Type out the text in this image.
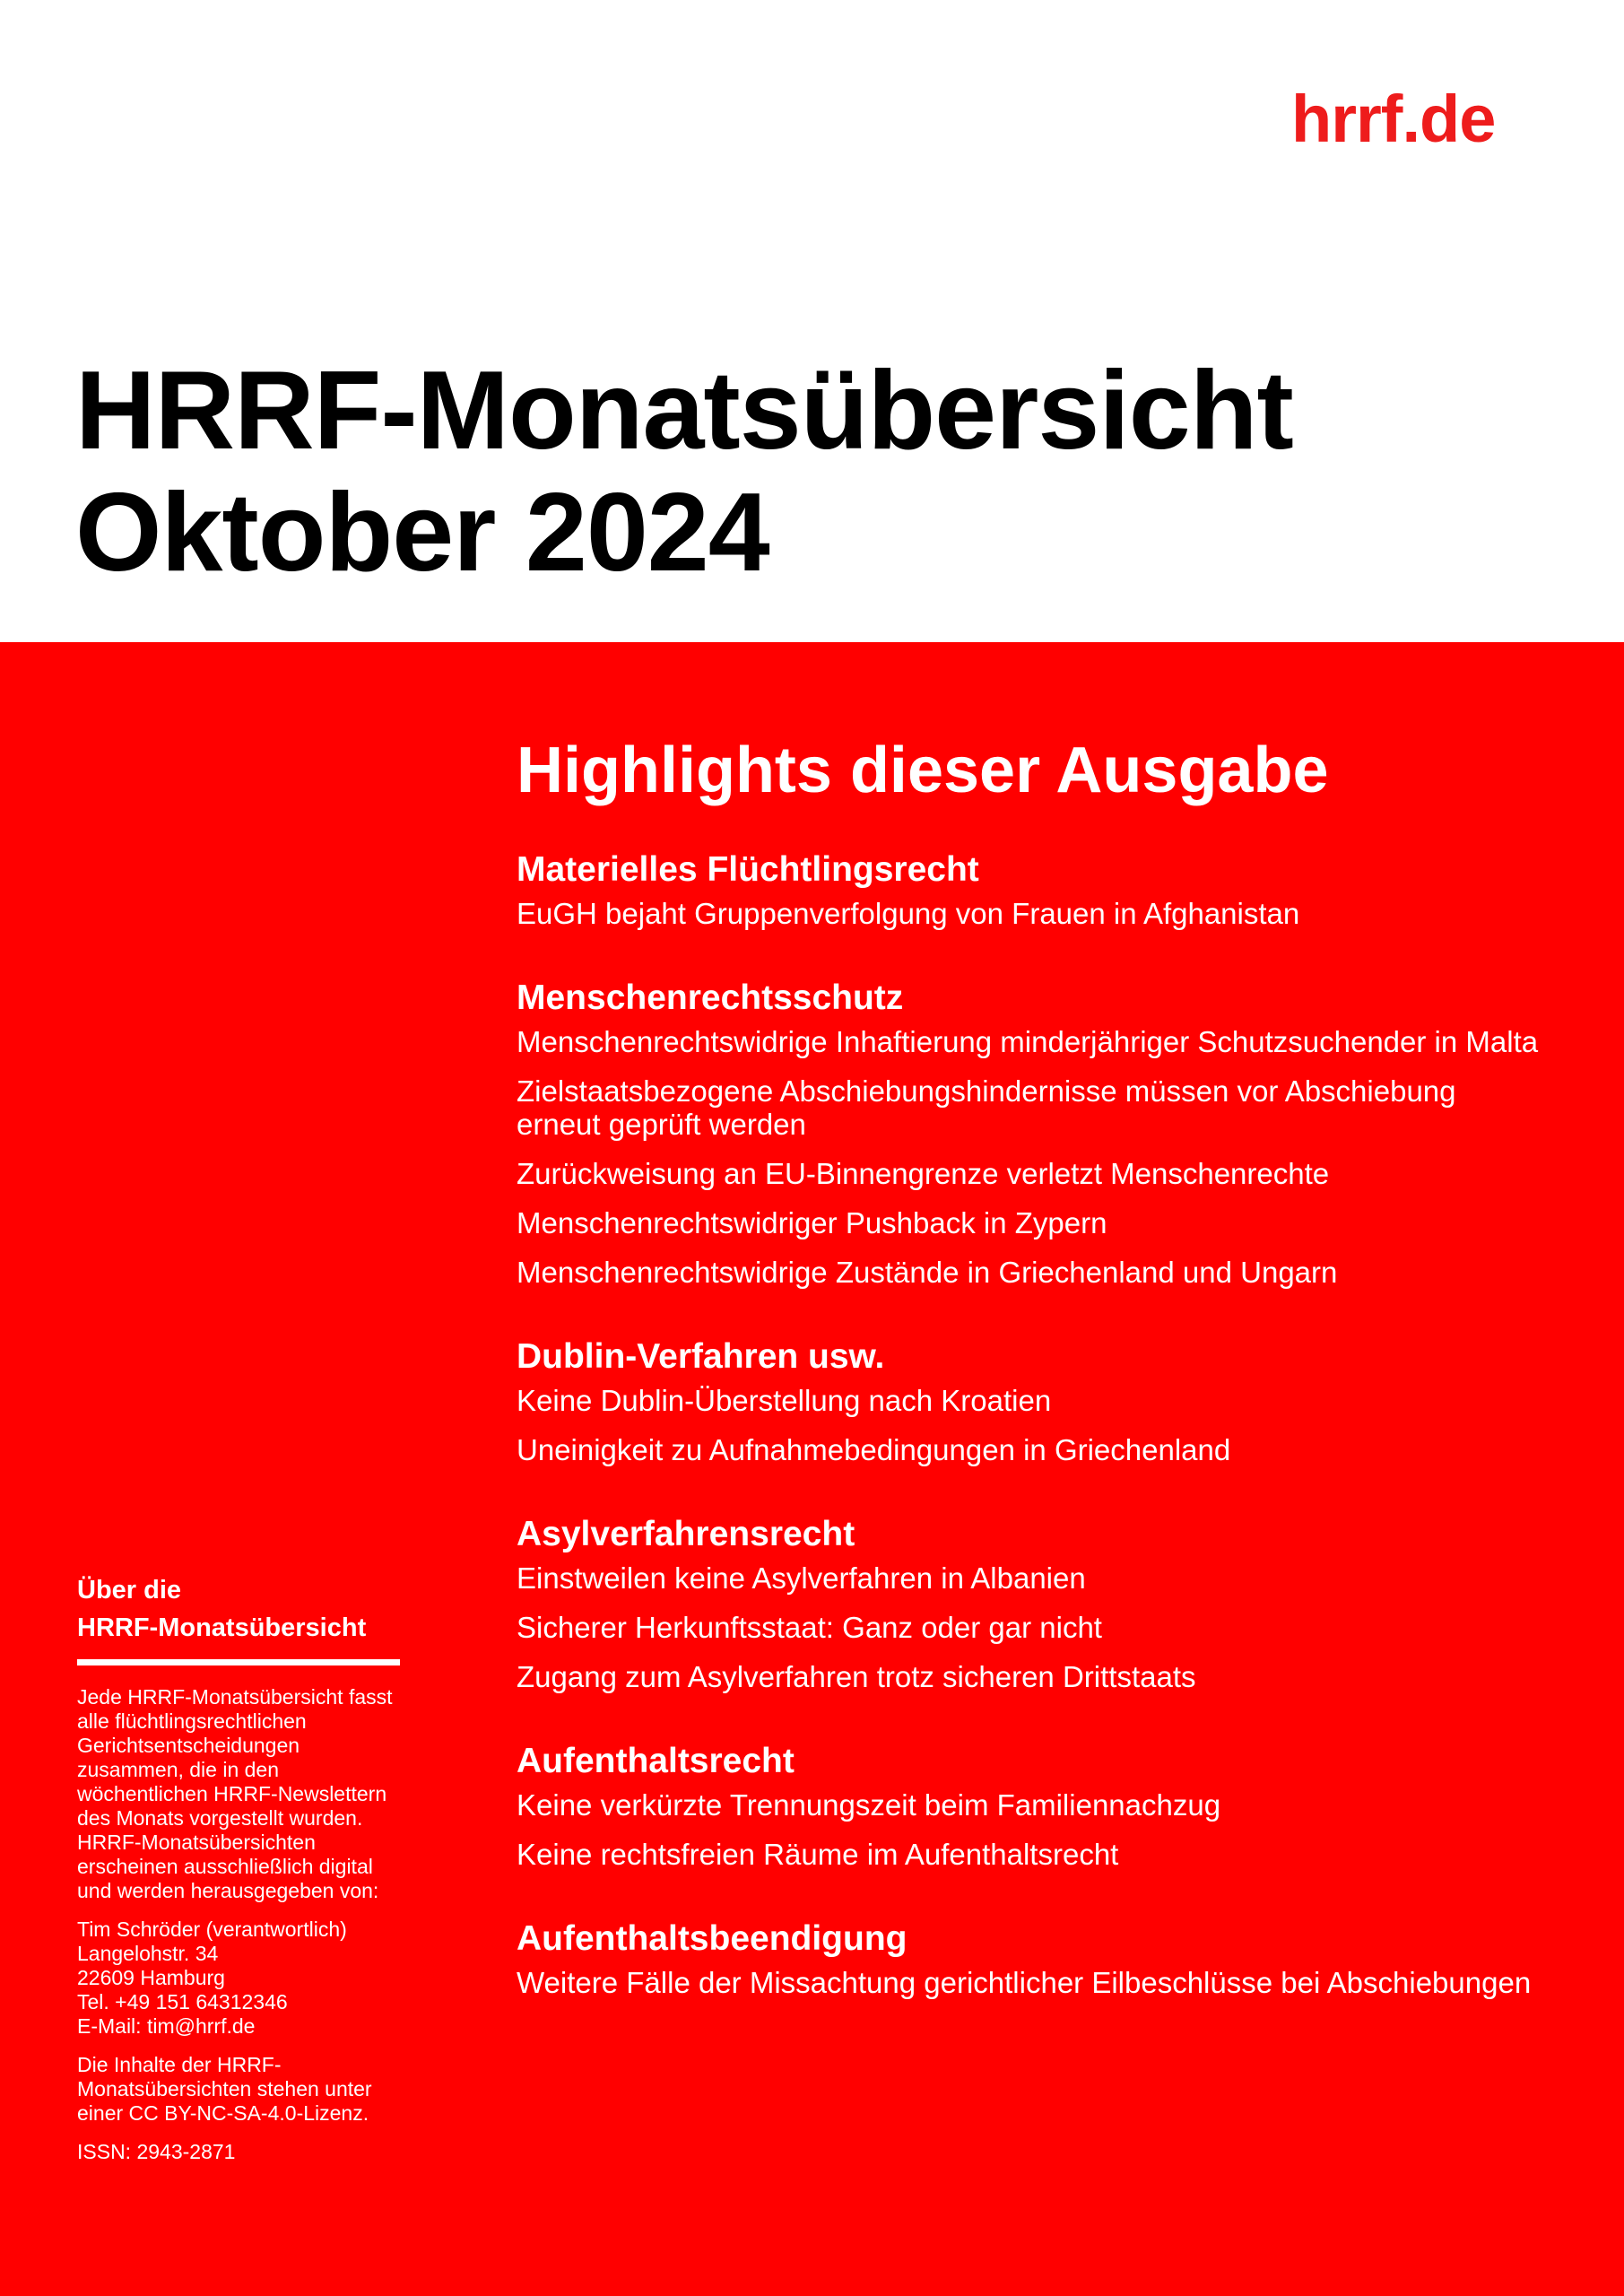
hrrf.de
HRRF-Monatsübersicht
Oktober 2024
Highlights dieser Ausgabe
Materielles Flüchtlingsrecht
EuGH bejaht Gruppenverfolgung von Frauen in Afghanistan
Menschenrechtsschutz
Menschenrechtswidrige Inhaftierung minderjähriger Schutzsuchender in Malta
Zielstaatsbezogene Abschiebungshindernisse müssen vor Abschiebung erneut geprüft werden
Zurückweisung an EU-Binnengrenze verletzt Menschenrechte
Menschenrechtswidriger Pushback in Zypern
Menschenrechtswidrige Zustände in Griechenland und Ungarn
Dublin-Verfahren usw.
Keine Dublin-Überstellung nach Kroatien
Uneinigkeit zu Aufnahmebedingungen in Griechenland
Asylverfahrensrecht
Einstweilen keine Asylverfahren in Albanien
Sicherer Herkunftsstaat: Ganz oder gar nicht
Zugang zum Asylverfahren trotz sicheren Drittstaats
Aufenthaltsrecht
Keine verkürzte Trennungszeit beim Familiennachzug
Keine rechtsfreien Räume im Aufenthaltsrecht
Aufenthaltsbeendigung
Weitere Fälle der Missachtung gerichtlicher Eilbeschlüsse bei Abschiebungen
Über die
HRRF-Monatsübersicht
Jede HRRF-Monatsübersicht fasst alle flüchtlingsrechtlichen Gerichtsentscheidungen zusammen, die in den wöchentlichen HRRF-Newslettern des Monats vorgestellt wurden. HRRF-Monatsübersichten erscheinen ausschließlich digital und werden herausgegeben von:
Tim Schröder (verantwortlich)
Langelohstr. 34
22609 Hamburg
Tel. +49 151 64312346
E-Mail: tim@hrrf.de
Die Inhalte der HRRF-Monatsübersichten stehen unter einer CC BY-NC-SA-4.0-Lizenz.
ISSN: 2943-2871
